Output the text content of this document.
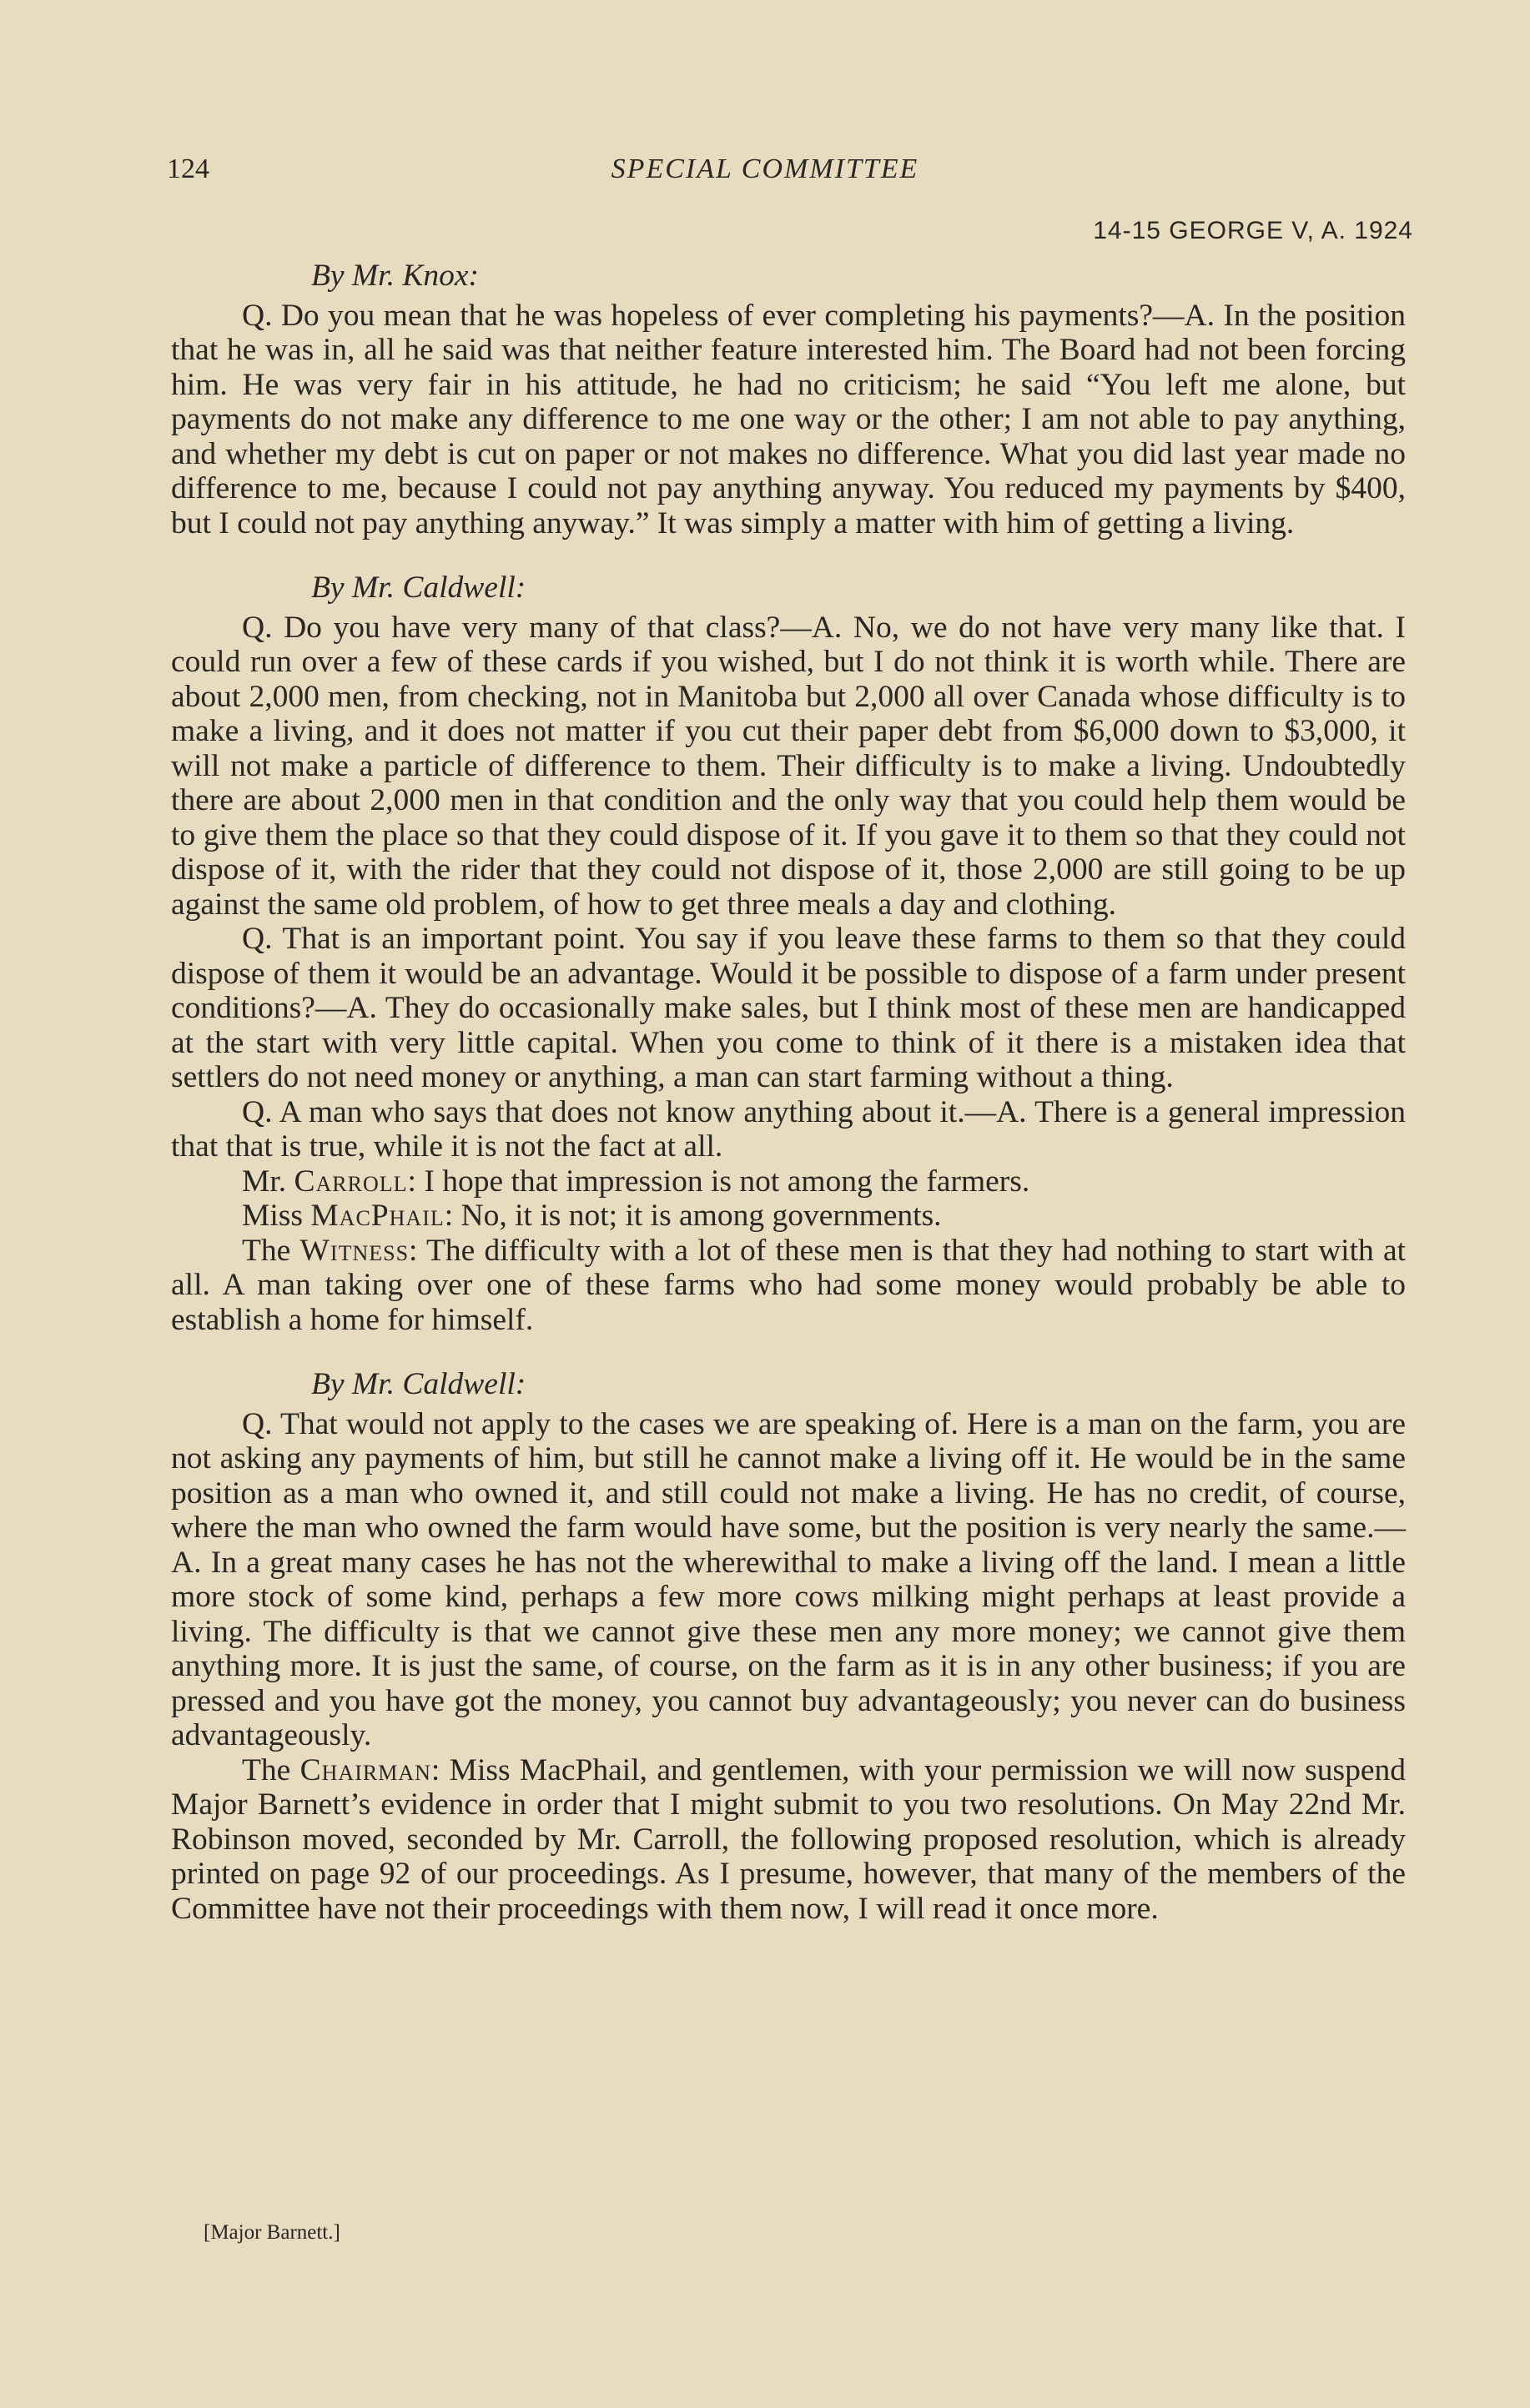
124	SPECIAL COMMITTEE
14-15 GEORGE V, A. 1924
By Mr. Knox:

Q. Do you mean that he was hopeless of ever completing his payments?—A. In the position that he was in, all he said was that neither feature interested him. The Board had not been forcing him. He was very fair in his attitude, he had no criticism; he said “You left me alone, but payments do not make any difference to me one way or the other; I am not able to pay anything, and whether my debt is cut on paper or not makes no difference. What you did last year made no difference to me, because I could not pay anything anyway. You reduced my payments by $400, but I could not pay anything anyway.” It was simply a matter with him of getting a living.

By Mr. Caldwell:

Q. Do you have very many of that class?—A. No, we do not have very many like that. I could run over a few of these cards if you wished, but I do not think it is worth while. There are about 2,000 men, from checking, not in Manitoba but 2,000 all over Canada whose difficulty is to make a living, and it does not matter if you cut their paper debt from $6,000 down to $3,000, it will not make a particle of difference to them. Their difficulty is to make a living. Undoubtedly there are about 2,000 men in that condition and the only way that you could help them would be to give them the place so that they could dispose of it. If you gave it to them so that they could not dispose of it, with the rider that they could not dispose of it, those 2,000 are still going to be up against the same old problem, of how to get three meals a day and clothing.

Q. That is an important point. You say if you leave these farms to them so that they could dispose of them it would be an advantage. Would it be possible to dispose of a farm under present conditions?—A. They do occasionally make sales, but I think most of these men are handicapped at the start with very little capital. When you come to think of it there is a mistaken idea that settlers do not need money or anything, a man can start farming without a thing.

Q. A man who says that does not know anything about it.—A. There is a general impression that that is true, while it is not the fact at all.

Mr. Carroll: I hope that impression is not among the farmers.

Miss MacPhail: No, it is not; it is among governments.

The Witness: The difficulty with a lot of these men is that they had nothing to start with at all. A man taking over one of these farms who had some money would probably be able to establish a home for himself.

By Mr. Caldwell:

Q. That would not apply to the cases we are speaking of. Here is a man on the farm, you are not asking any payments of him, but still he cannot make a living off it. He would be in the same position as a man who owned it, and still could not make a living. He has no credit, of course, where the man who owned the farm would have some, but the position is very nearly the same.—A. In a great many cases he has not the wherewithal to make a living off the land. I mean a little more stock of some kind, perhaps a few more cows milking might perhaps at least provide a living. The difficulty is that we cannot give these men any more money; we cannot give them anything more. It is just the same, of course, on the farm as it is in any other business; if you are pressed and you have got the money, you cannot buy advantageously; you never can do business advantageously.

The Chairman: Miss MacPhail, and gentlemen, with your permission we will now suspend Major Barnett’s evidence in order that I might submit to you two resolutions. On May 22nd Mr. Robinson moved, seconded by Mr. Carroll, the following proposed resolution, which is already printed on page 92 of our proceedings. As I presume, however, that many of the members of the Committee have not their proceedings with them now, I will read it once more.

[Major Barnett.]
